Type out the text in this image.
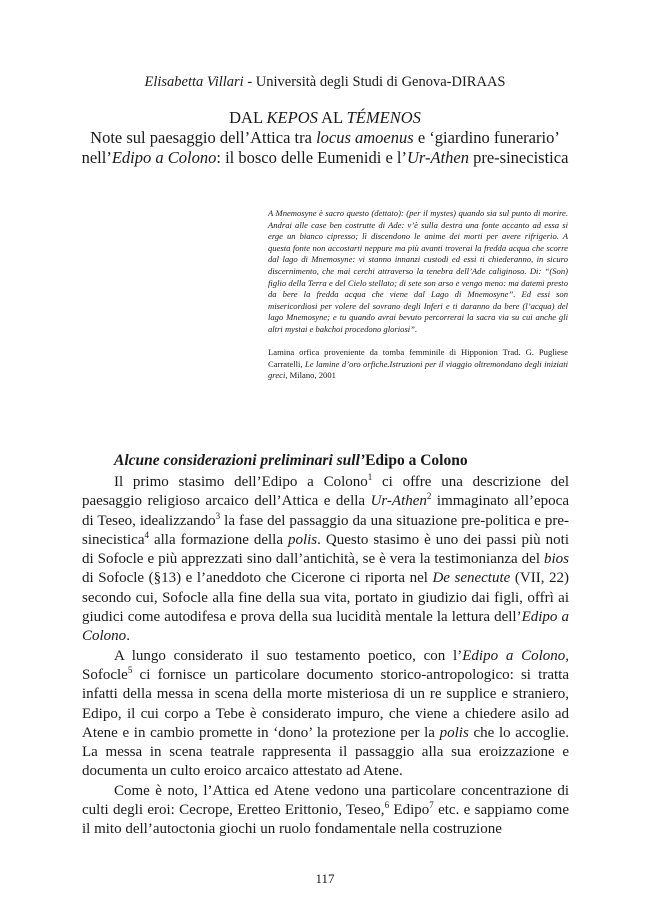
Elisabetta Villari - Università degli Studi di Genova-DIRAAS
DAL KEPOS AL TÉMENOS
Note sul paesaggio dell’Attica tra locus amoenus e ‘giardino funerario’
nell’Edipo a Colono: il bosco delle Eumenidi e l’Ur-Athen pre-sinecistica

A Mnemosyne è sacro questo (dettato): (per il mystes) quando sia sul punto di morire. Andrai alle case ben costrutte di Ade: v’è sulla destra una fonte accanto ad essa si erge un bianco cipresso; lì discendono le anime dei morti per avere rifrigerio. A questa fonte non accostarti neppure ma più avanti troverai la fredda acqua che scorre dal lago di Mnemosyne: vi stanno innanzi custodi ed essi ti chiederanno, in sicuro discernimento, che mai cerchi attraverso la tenebra dell’Ade caliginoso. Di: “(Son) figlio della Terra e del Cielo stellato; di sete son arso e vengo meno: ma datemi presto da bere la fredda acqua che viene dal Lago di Mnemosyne”. Ed essi son misericordiosi per volere del sovrano degli Inferi e ti daranno da bere (l’acqua) del lago Mnemosyne; e tu quando avrai bevuto percorrerai la sacra via su cui anche gli altri mystai e bakchoi procedono gloriosi”.

Lamina orfica proveniente da tomba femminile di Hipponion Trad. G. Pugliese Carratelli, Le lamine d’oro orfiche.Istruzioni per il viaggio oltremondano degli iniziati greci, Milano, 2001

Alcune considerazioni preliminari sull’Edipo a Colono

Il primo stasimo dell’Edipo a Colono$^1$ ci offre una descrizione del paesaggio religioso arcaico dell’Attica e della Ur-Athen$^2$ immaginato all’epoca di Teseo, idealizzando$^3$ la fase del passaggio da una situazione pre-politica e pre-sinecistica$^4$ alla formazione della polis. Questo stasimo è uno dei passi più noti di Sofocle e più apprezzati sino dall’antichità, se è vera la testimonianza del bios di Sofocle (§13) e l’aneddoto che Cicerone ci riporta nel De senectute (VII, 22) secondo cui, Sofocle alla fine della sua vita, portato in giudizio dai figli, offrì ai giudici come autodifesa e prova della sua lucidità mentale la lettura dell’Edipo a Colono.

A lungo considerato il suo testamento poetico, con l’Edipo a Colono, Sofocle$^5$ ci fornisce un particolare documento storico-antropologico: si tratta infatti della messa in scena della morte misteriosa di un re supplice e straniero, Edipo, il cui corpo a Tebe è considerato impuro, che viene a chiedere asilo ad Atene e in cambio promette in ‘dono’ la protezione per la polis che lo accoglie. La messa in scena teatrale rappresenta il passaggio alla sua eroizzazione e documenta un culto eroico arcaico attestato ad Atene.

Come è noto, l’Attica ed Atene vedono una particolare concentrazione di culti degli eroi: Cecrope, Eretteo Erittonio, Teseo,$^6$ Edipo$^7$ etc. e sappiamo come il mito dell’autoctonia giochi un ruolo fondamentale nella costruzione

117
